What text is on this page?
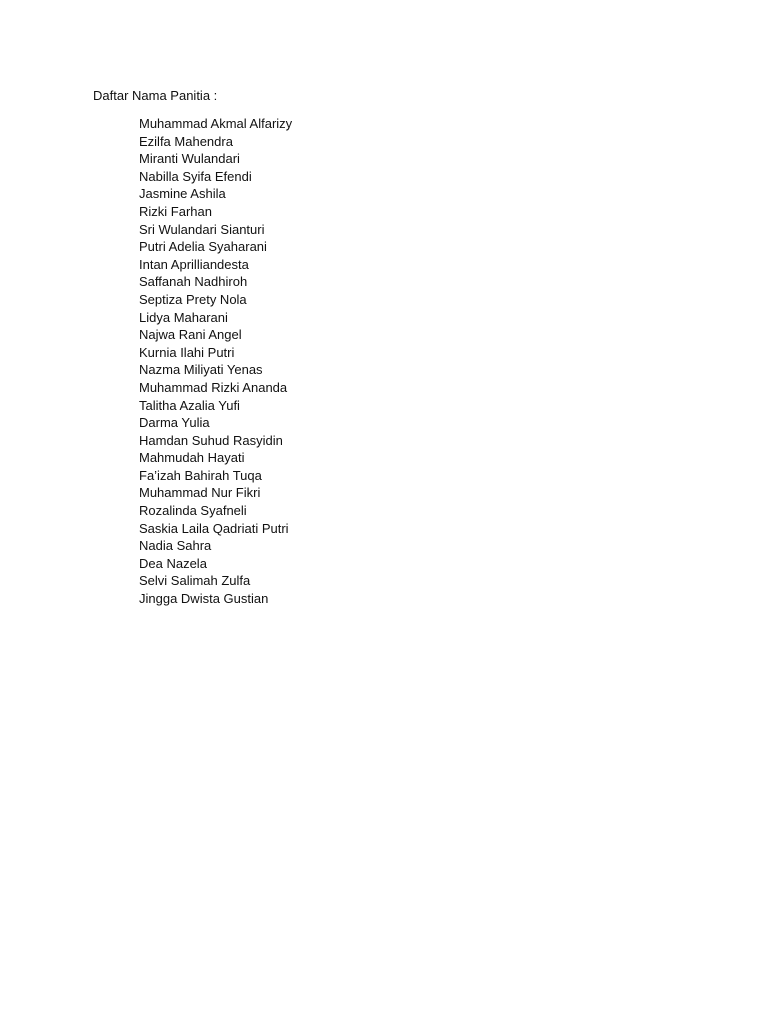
Daftar Nama Panitia :
Muhammad Akmal Alfarizy
Ezilfa Mahendra
Miranti Wulandari
Nabilla Syifa Efendi
Jasmine Ashila
Rizki Farhan
Sri Wulandari Sianturi
Putri Adelia Syaharani
Intan Aprilliandesta
Saffanah Nadhiroh
Septiza Prety Nola
Lidya Maharani
Najwa Rani Angel
Kurnia Ilahi Putri
Nazma Miliyati Yenas
Muhammad Rizki Ananda
Talitha Azalia Yufi
Darma Yulia
Hamdan Suhud Rasyidin
Mahmudah Hayati
Fa’izah Bahirah Tuqa
Muhammad Nur Fikri
Rozalinda Syafneli
Saskia Laila Qadriati Putri
Nadia Sahra
Dea Nazela
Selvi Salimah Zulfa
Jingga Dwista Gustian
